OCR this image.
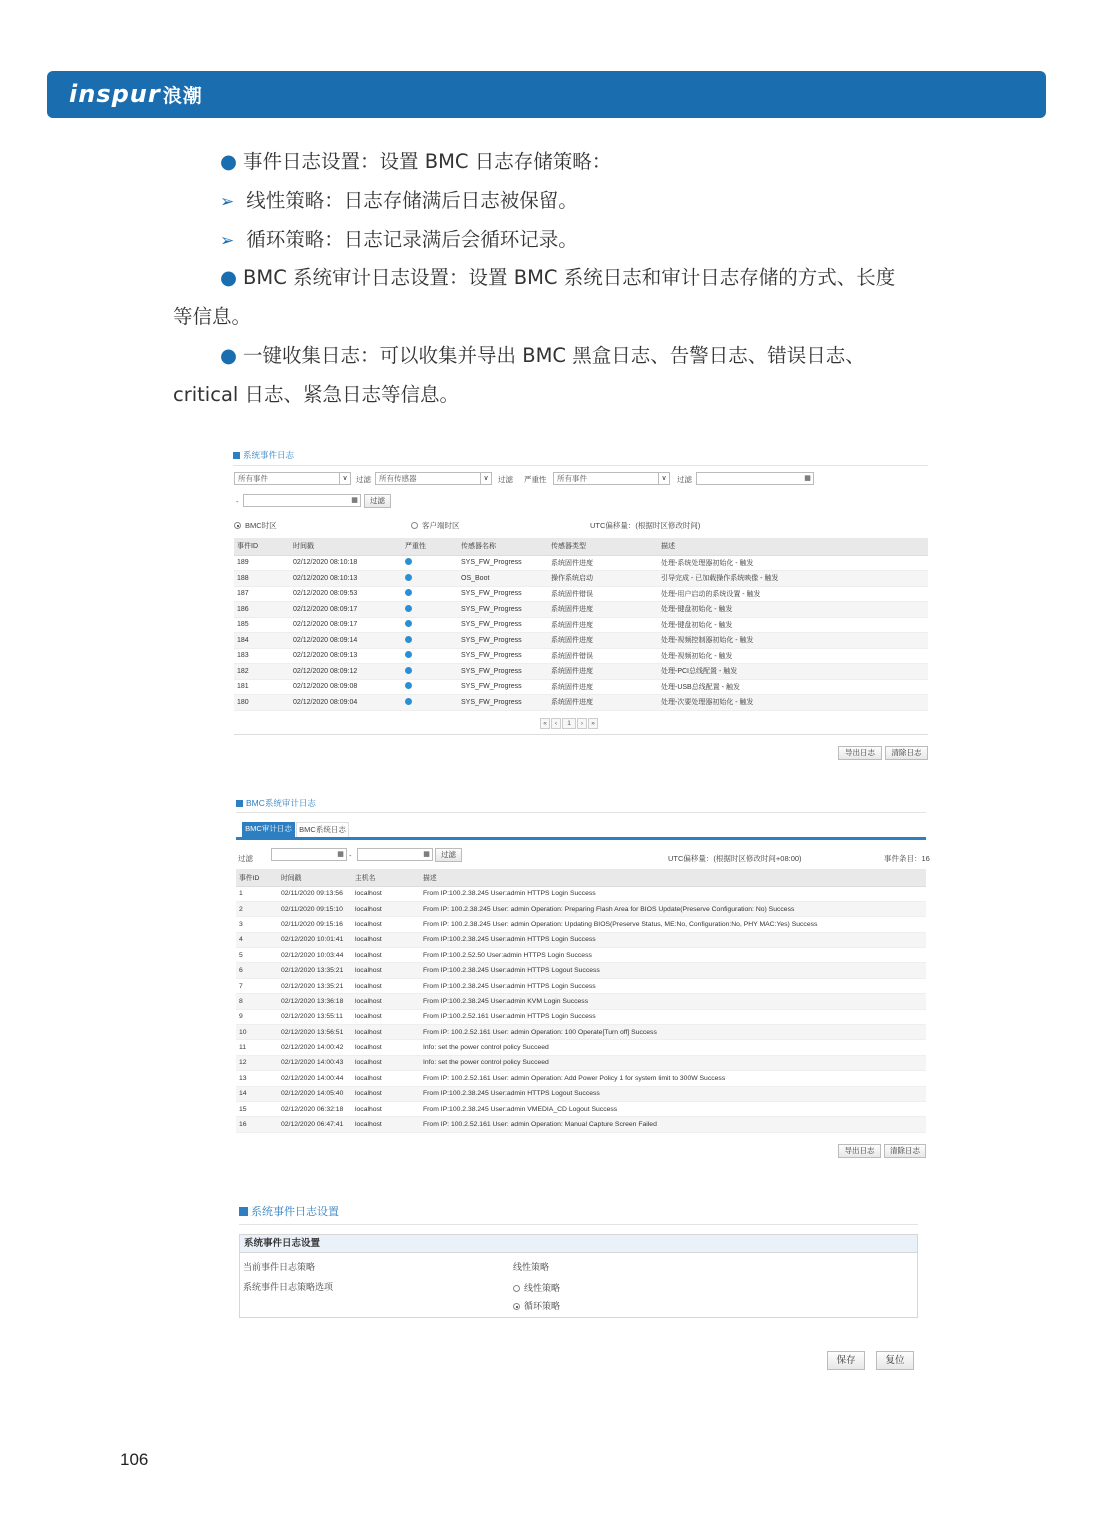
inspur 浪潮
● 事件日志设置：设置 BMC 日志存储策略：
➢ 线性策略：日志存储满后日志被保留。
➢ 循环策略：日志记录满后会循环记录。
● BMC 系统审计日志设置：设置 BMC 系统日志和审计日志存储的方式、长度
等信息。
● 一键收集日志：可以收集并导出 BMC 黑盒日志、告警日志、错误日志、
critical 日志、紧急日志等信息。
系统事件日志
所有事件	∨	过滤	所有传感器	∨	过滤 严重性	所有事件	∨	过滤	▦
-	▦	过滤
BMC时区	客户端时区	UTC偏移量：(根据时区修改时间)
事件ID	时间戳	严重性	传感器名称	传感器类型	描述
189	02/12/2020 08:10:18		SYS_FW_Progress	系统固件进度	处理-系统处理器初始化 - 触发
188	02/12/2020 08:10:13		OS_Boot	操作系统启动	引导完成 - 已加载操作系统映像 - 触发
187	02/12/2020 08:09:53		SYS_FW_Progress	系统固件错误	处理-用户启动的系统设置 - 触发
186	02/12/2020 08:09:17		SYS_FW_Progress	系统固件进度	处理-键盘初始化 - 触发
185	02/12/2020 08:09:17		SYS_FW_Progress	系统固件进度	处理-键盘初始化 - 触发
184	02/12/2020 08:09:14		SYS_FW_Progress	系统固件进度	处理-视频控制器初始化 - 触发
183	02/12/2020 08:09:13		SYS_FW_Progress	系统固件错误	处理-视频初始化 - 触发
182	02/12/2020 08:09:12		SYS_FW_Progress	系统固件进度	处理-PCI总线配置 - 触发
181	02/12/2020 08:09:08		SYS_FW_Progress	系统固件进度	处理-USB总线配置 - 触发
180	02/12/2020 08:09:04		SYS_FW_Progress	系统固件进度	处理-次要处理器初始化 - 触发
«	‹	1	›	»
导出日志	清除日志
BMC系统审计日志
BMC审计日志 BMC系统日志
过滤	▦ -	▦	过滤	UTC偏移量：(根据时区修改时间+08:00)	事件条目：16
事件ID	时间戳	主机名	描述
1	02/11/2020 09:13:56	localhost	From IP:100.2.38.245 User:admin HTTPS Login Success
2	02/11/2020 09:15:10	localhost	From IP: 100.2.38.245 User: admin Operation: Preparing Flash Area for BIOS Update(Preserve Configuration: No) Success
3	02/11/2020 09:15:16	localhost	From IP: 100.2.38.245 User: admin Operation: Updating BIOS(Preserve Status, ME:No, Configuration:No, PHY MAC:Yes) Success
4	02/12/2020 10:01:41	localhost	From IP:100.2.38.245 User:admin HTTPS Login Success
5	02/12/2020 10:03:44	localhost	From IP:100.2.52.50 User:admin HTTPS Login Success
6	02/12/2020 13:35:21	localhost	From IP:100.2.38.245 User:admin HTTPS Logout Success
7	02/12/2020 13:35:21	localhost	From IP:100.2.38.245 User:admin HTTPS Login Success
8	02/12/2020 13:36:18	localhost	From IP:100.2.38.245 User:admin KVM Login Success
9	02/12/2020 13:55:11	localhost	From IP:100.2.52.161 User:admin HTTPS Login Success
10	02/12/2020 13:56:51	localhost	From IP: 100.2.52.161 User: admin Operation: 100 Operate[Turn off] Success
11	02/12/2020 14:00:42	localhost	Info: set the power control policy Succeed
12	02/12/2020 14:00:43	localhost	Info: set the power control policy Succeed
13	02/12/2020 14:00:44	localhost	From IP: 100.2.52.161 User: admin Operation: Add Power Policy 1 for system limit to 300W Success
14	02/12/2020 14:05:40	localhost	From IP:100.2.38.245 User:admin HTTPS Logout Success
15	02/12/2020 06:32:18	localhost	From IP:100.2.38.245 User:admin VMEDIA_CD Logout Success
16	02/12/2020 06:47:41	localhost	From IP: 100.2.52.161 User: admin Operation: Manual Capture Screen Failed
导出日志	清除日志
系统事件日志设置
系统事件日志设置
当前事件日志策略	线性策略
系统事件日志策略选项	线性策略
循环策略
保存	复位
106
